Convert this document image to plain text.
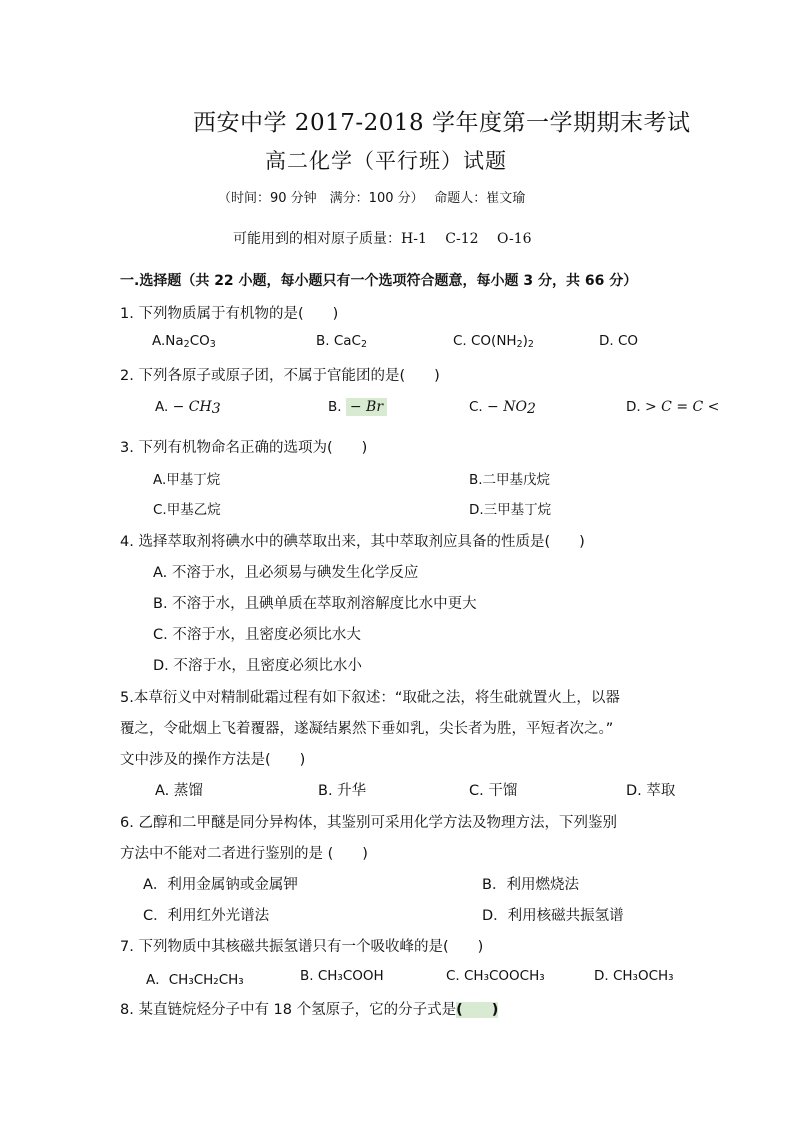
西安中学 2017-2018 学年度第一学期期末考试
高二化学（平行班）试题
（时间：90 分钟　满分：100 分）　 命题人：崔文瑜
可能用到的相对原子质量：H-1　 C-12　 O-16
一.选择题（共 22 小题，每小题只有一个选项符合题意，每小题 3 分，共 66 分）
1. 下列物质属于有机物的是(　　)
$A.Na_2CO_3$	B. CaC$_2$	C. $CO(NH_2)_2$	D. CO
2. 下列各原子或原子团，不属于官能团的是(　　)
A. − $CH_3$	B. − Br	C. − $NO_2$	D. > C = C <
3. 下列有机物命名正确的选项为(　　)
A.甲基丁烷	B.二甲基戊烷
C.甲基乙烷	D.三甲基丁烷
4. 选择萃取剂将碘水中的碘萃取出来，其中萃取剂应具备的性质是(　　)
A. 不溶于水，且必须易与碘发生化学反应
B. 不溶于水，且碘单质在萃取剂溶解度比水中更大
C. 不溶于水，且密度必须比水大
D. 不溶于水，且密度必须比水小
5.本草衍义中对精制砒霜过程有如下叙述：“取砒之法，将生砒就置火上，以器
覆之，令砒烟上飞着覆器，遂凝结累然下垂如乳，尖长者为胜，平短者次之。”
文中涉及的操作方法是(　　)
A. 蒸馏	B. 升华	C. 干馏	D. 萃取
6. 乙醇和二甲醚是同分异构体，其鉴别可采用化学方法及物理方法，下列鉴别
方法中不能对二者进行鉴别的是 (　　)
A．利用金属钠或金属钾	B．利用燃烧法
C．利用红外光谱法	D．利用核磁共振氢谱
7. 下列物质中其核磁共振氢谱只有一个吸收峰的是(　　)
A．CH₃CH₂CH₃	B. CH₃COOH	C. CH₃COOCH₃	D. CH₃OCH₃
8. 某直链烷烃分子中有 18 个氢原子，它的分子式是(　　)
